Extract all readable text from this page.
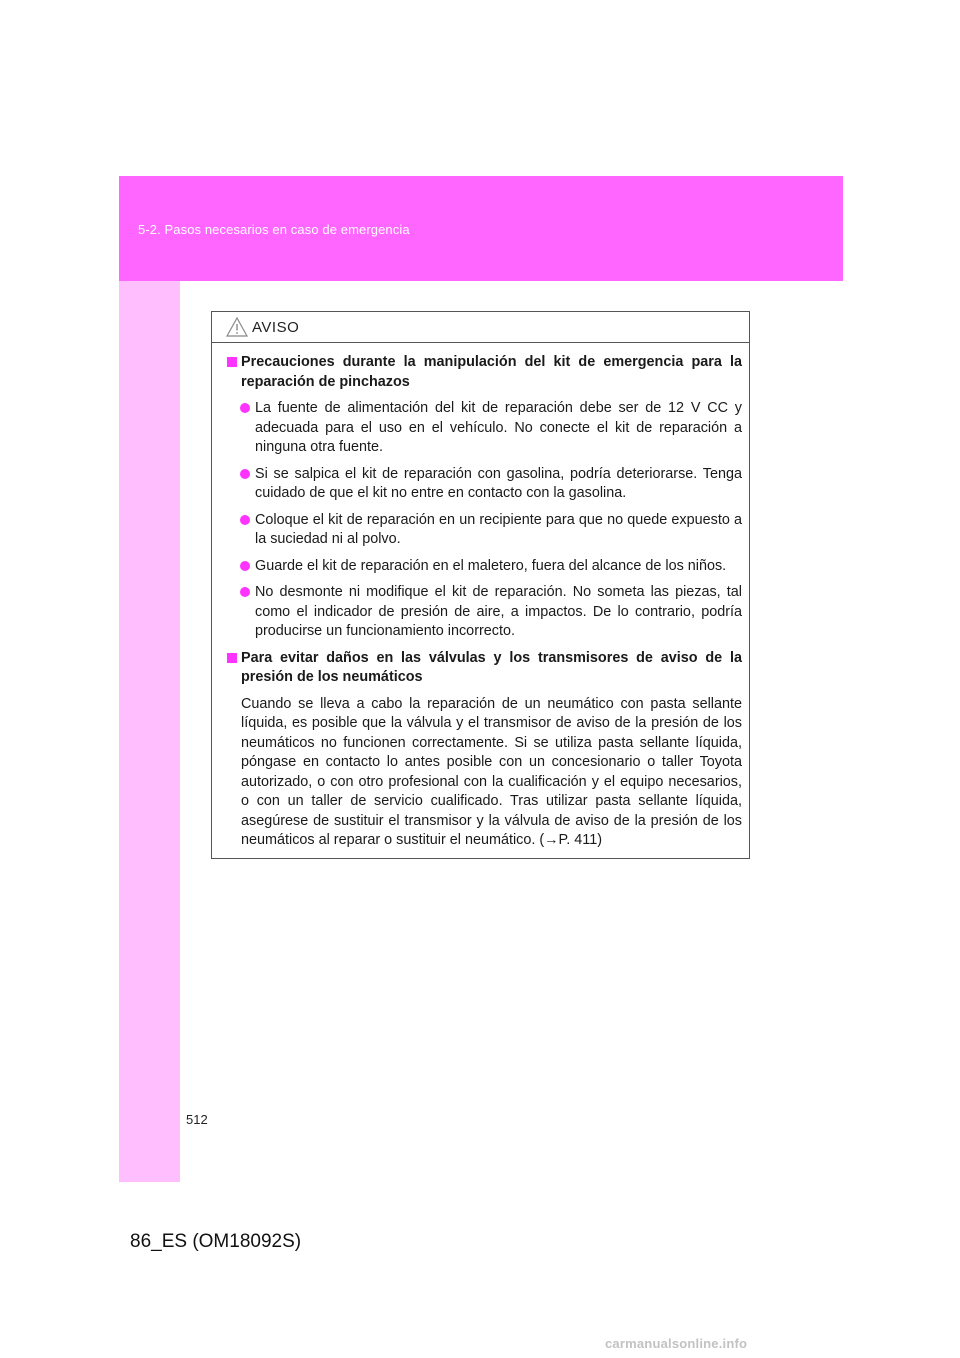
5-2. Pasos necesarios en caso de emergencia
AVISO
Precauciones durante la manipulación del kit de emergencia para la reparación de pinchazos
La fuente de alimentación del kit de reparación debe ser de 12 V CC y adecuada para el uso en el vehículo. No conecte el kit de reparación a ninguna otra fuente.
Si se salpica el kit de reparación con gasolina, podría deteriorarse. Tenga cuidado de que el kit no entre en contacto con la gasolina.
Coloque el kit de reparación en un recipiente para que no quede expuesto a la suciedad ni al polvo.
Guarde el kit de reparación en el maletero, fuera del alcance de los niños.
No desmonte ni modifique el kit de reparación. No someta las piezas, tal como el indicador de presión de aire, a impactos. De lo contrario, podría producirse un funcionamiento incorrecto.
Para evitar daños en las válvulas y los transmisores de aviso de la presión de los neumáticos
Cuando se lleva a cabo la reparación de un neumático con pasta sellante líquida, es posible que la válvula y el transmisor de aviso de la presión de los neumáticos no funcionen correctamente. Si se utiliza pasta sellante líquida, póngase en contacto lo antes posible con un concesionario o taller Toyota autorizado, o con otro profesional con la cualificación y el equipo necesarios, o con un taller de servicio cualificado. Tras utilizar pasta sellante líquida, asegúrese de sustituir el transmisor y la válvula de aviso de la presión de los neumáticos al reparar o sustituir el neumático. (→P. 411)
512
86_ES (OM18092S)
carmanualsonline.info
